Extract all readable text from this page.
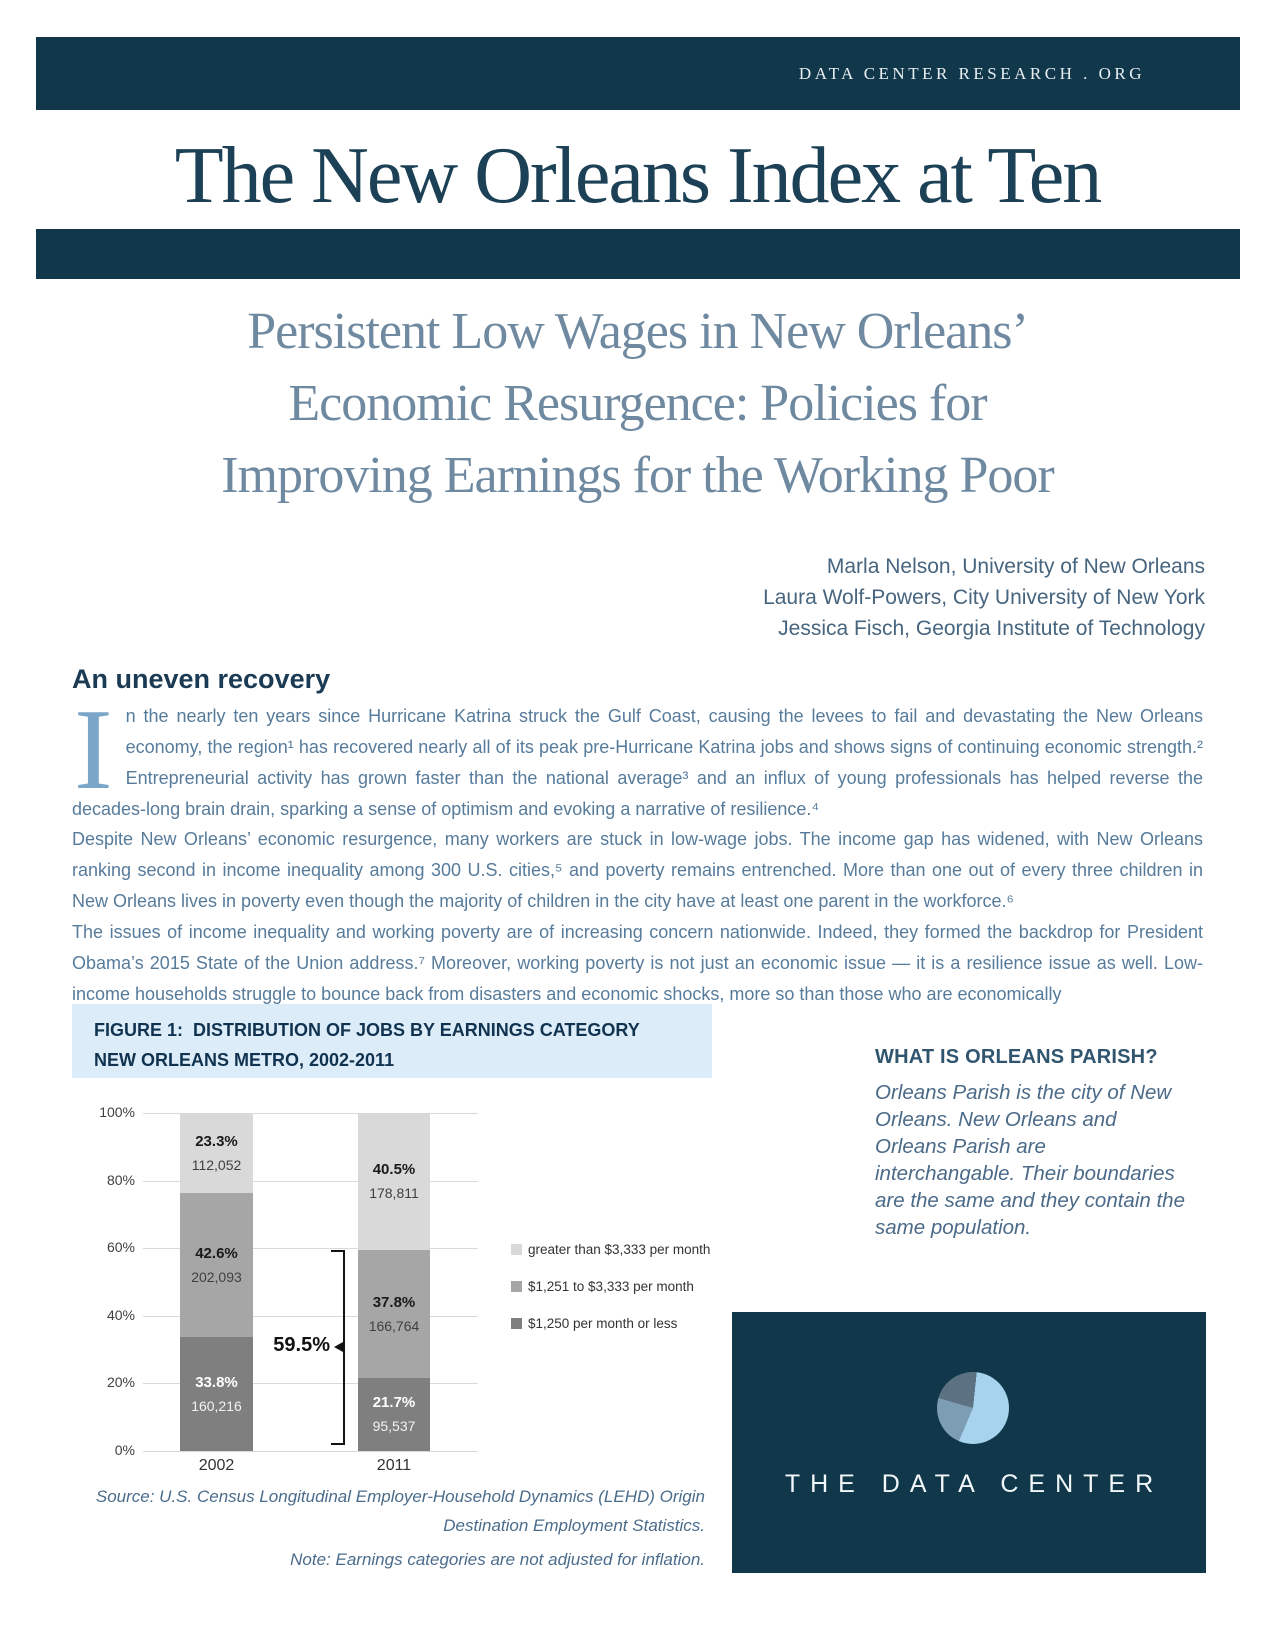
DATA CENTER RESEARCH . ORG
The New Orleans Index at Ten
Persistent Low Wages in New Orleans’
Economic Resurgence: Policies for
Improving Earnings for the Working Poor
Marla Nelson, University of New Orleans
Laura Wolf-Powers, City University of New York
Jessica Fisch, Georgia Institute of Technology
An uneven recovery
In the nearly ten years since Hurricane Katrina struck the Gulf Coast, causing the levees to fail and devastating the New Orleans economy, the region¹ has recovered nearly all of its peak pre-Hurricane Katrina jobs and shows signs of continuing economic strength.² Entrepreneurial activity has grown faster than the national average³ and an influx of young professionals has helped reverse the decades-long brain drain, sparking a sense of optimism and evoking a narrative of resilience.⁴
Despite New Orleans’ economic resurgence, many workers are stuck in low-wage jobs. The income gap has widened, with New Orleans ranking second in income inequality among 300 U.S. cities,⁵ and poverty remains entrenched. More than one out of every three children in New Orleans lives in poverty even though the majority of children in the city have at least one parent in the workforce.⁶
The issues of income inequality and working poverty are of increasing concern nationwide. Indeed, they formed the backdrop for President Obama’s 2015 State of the Union address.⁷ Moreover, working poverty is not just an economic issue — it is a resilience issue as well. Low-income households struggle to bounce back from disasters and economic shocks, more so than those who are economically
FIGURE 1:  DISTRIBUTION OF JOBS BY EARNINGS CATEGORY
NEW ORLEANS METRO, 2002-2011
100%
80%
60%
40%
20%
0%
33.8%
160,216
42.6%
202,093
23.3%
112,052
2002
21.7%
95,537
37.8%
166,764
40.5%
178,811
2011
greater than $3,333 per month
$1,251 to $3,333 per month
$1,250 per month or less
59.5%
Source: U.S. Census Longitudinal Employer-Household Dynamics (LEHD) Origin
Destination Employment Statistics.
Note: Earnings categories are not adjusted for inflation.
WHAT IS ORLEANS PARISH?
Orleans Parish is the city of New Orleans. New Orleans and Orleans Parish are interchangable. Their boundaries are the same and they contain the same population.
THE DATA CENTER
